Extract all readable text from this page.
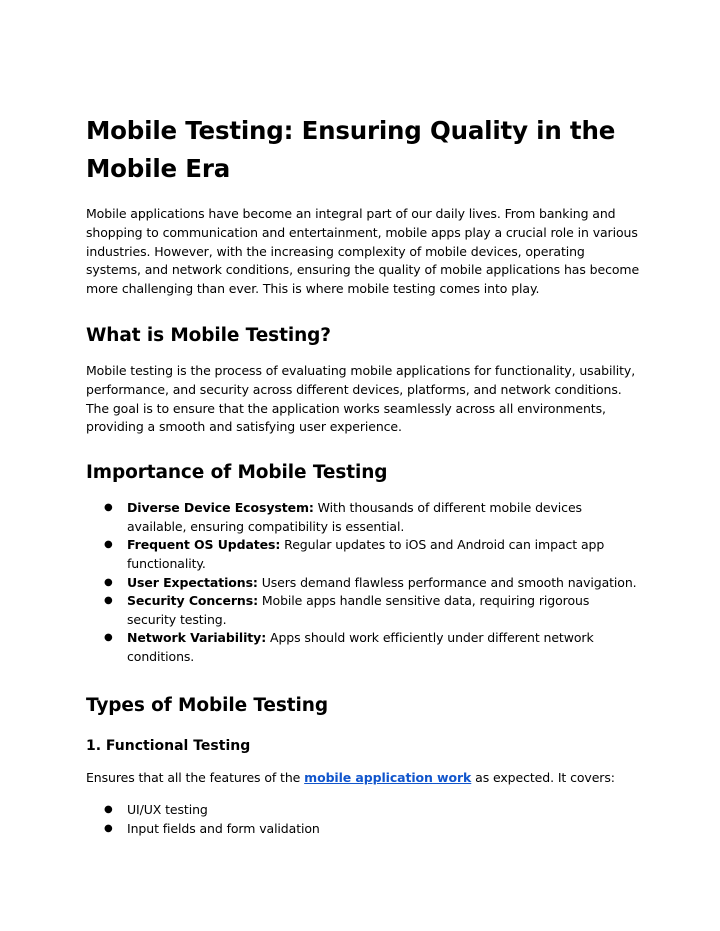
Mobile Testing: Ensuring Quality in the Mobile Era

Mobile applications have become an integral part of our daily lives. From banking and shopping to communication and entertainment, mobile apps play a crucial role in various industries. However, with the increasing complexity of mobile devices, operating systems, and network conditions, ensuring the quality of mobile applications has become more challenging than ever. This is where mobile testing comes into play.

What is Mobile Testing?

Mobile testing is the process of evaluating mobile applications for functionality, usability, performance, and security across different devices, platforms, and network conditions. The goal is to ensure that the application works seamlessly across all environments, providing a smooth and satisfying user experience.

Importance of Mobile Testing
● Diverse Device Ecosystem: With thousands of different mobile devices available, ensuring compatibility is essential.
● Frequent OS Updates: Regular updates to iOS and Android can impact app functionality.
● User Expectations: Users demand flawless performance and smooth navigation.
● Security Concerns: Mobile apps handle sensitive data, requiring rigorous security testing.
● Network Variability: Apps should work efficiently under different network conditions.
Types of Mobile Testing
1. Functional Testing

Ensures that all the features of the mobile application work as expected. It covers:

● UI/UX testing
● Input fields and form validation
